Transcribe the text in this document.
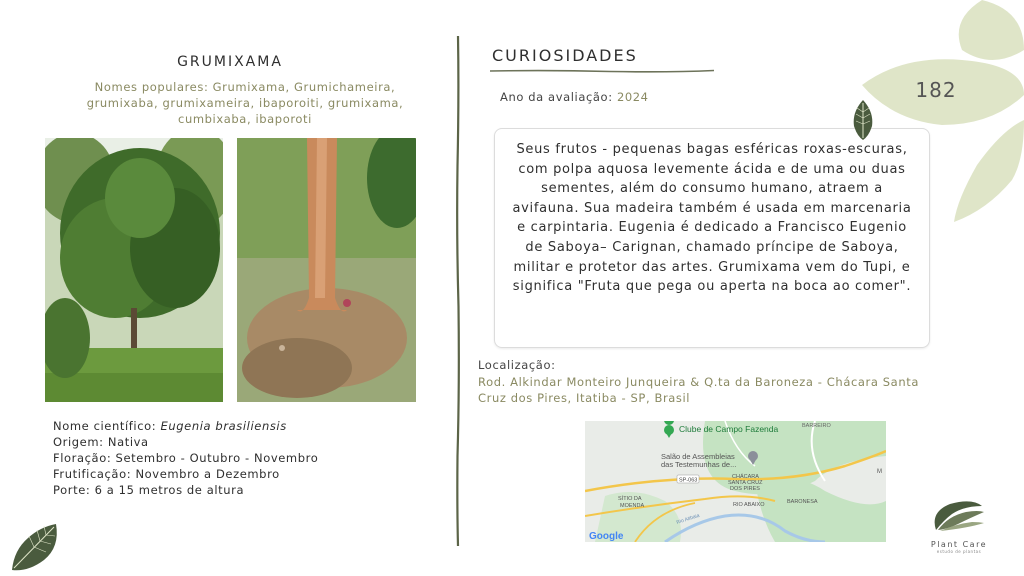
GRUMIXAMA
Nomes populares: Grumixama, Grumichameira, grumixaba, grumixameira, ibaporoiti, grumixama, cumbixaba, ibaporoti
Nome científico: Eugenia brasiliensis
Origem: Nativa
Floração: Setembro - Outubro - Novembro
Frutificação: Novembro a Dezembro
Porte: 6 a 15 metros de altura
CURIOSIDADES
Ano da avaliação: 2024

Seus frutos - pequenas bagas esféricas roxas-escuras, com polpa aquosa levemente ácida e de uma ou duas sementes, além do consumo humano, atraem a avifauna. Sua madeira também é usada em marcenaria e carpintaria. Eugenia é dedicado a Francisco Eugenio de Saboya– Carignan, chamado príncipe de Saboya, militar e protetor das artes. Grumixama vem do Tupi, e significa "Fruta que pega ou aperta na boca ao comer".

Localização:
Rod. Alkindar Monteiro Junqueira & Q.ta da Baroneza - Chácara Santa Cruz dos Pires, Itatiba - SP, Brasil
Clube de Campo Fazenda
Salão de Assembleias
das Testemunhas de...
BARREIRO
SP-063
CHÁCARA
SANTA CRUZ
DOS PIRES
SÍTIO DA
MOENDA	RIO ABAIXO	BARONESA
Rio Atibaia
M
Google
182
Plant Care
estudo de plantas
